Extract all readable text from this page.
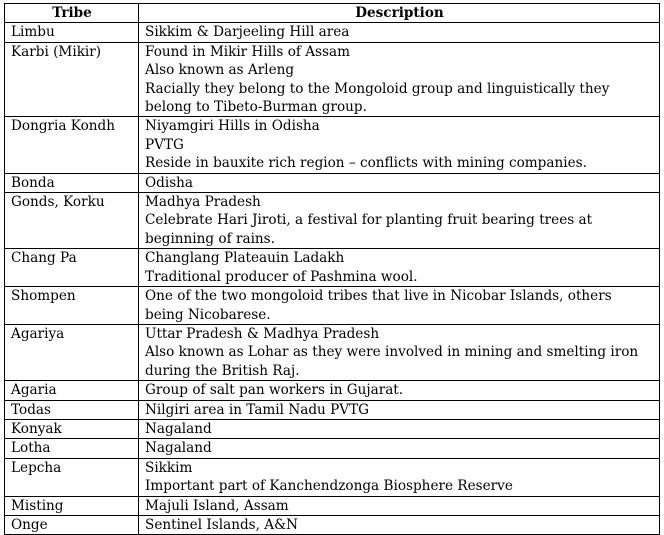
Tribe	Description
Limbu	Sikkim & Darjeeling Hill area

Karbi (Mikir)	Found in Mikir Hills of Assam
Also known as Arleng
Racially they belong to the Mongoloid group and linguistically they belong to Tibeto-Burman group.

Dongria Kondh	Niyamgiri Hills in Odisha
PVTG
Reside in bauxite rich region – conflicts with mining companies.

Bonda	Odisha

Gonds, Korku	Madhya Pradesh
Celebrate Hari Jiroti, a festival for planting fruit bearing trees at beginning of rains.

Chang Pa	Changlang Plateauin Ladakh
Traditional producer of Pashmina wool.

Shompen	One of the two mongoloid tribes that live in Nicobar Islands, others being Nicobarese.

Agariya	Uttar Pradesh & Madhya Pradesh
Also known as Lohar as they were involved in mining and smelting iron during the British Raj.

Agaria	Group of salt pan workers in Gujarat.

Todas	Nilgiri area in Tamil Nadu PVTG

Konyak	Nagaland

Lotha	Nagaland

Lepcha	Sikkim
Important part of Kanchendzonga Biosphere Reserve

Misting	Majuli Island, Assam

Onge	Sentinel Islands, A&N
